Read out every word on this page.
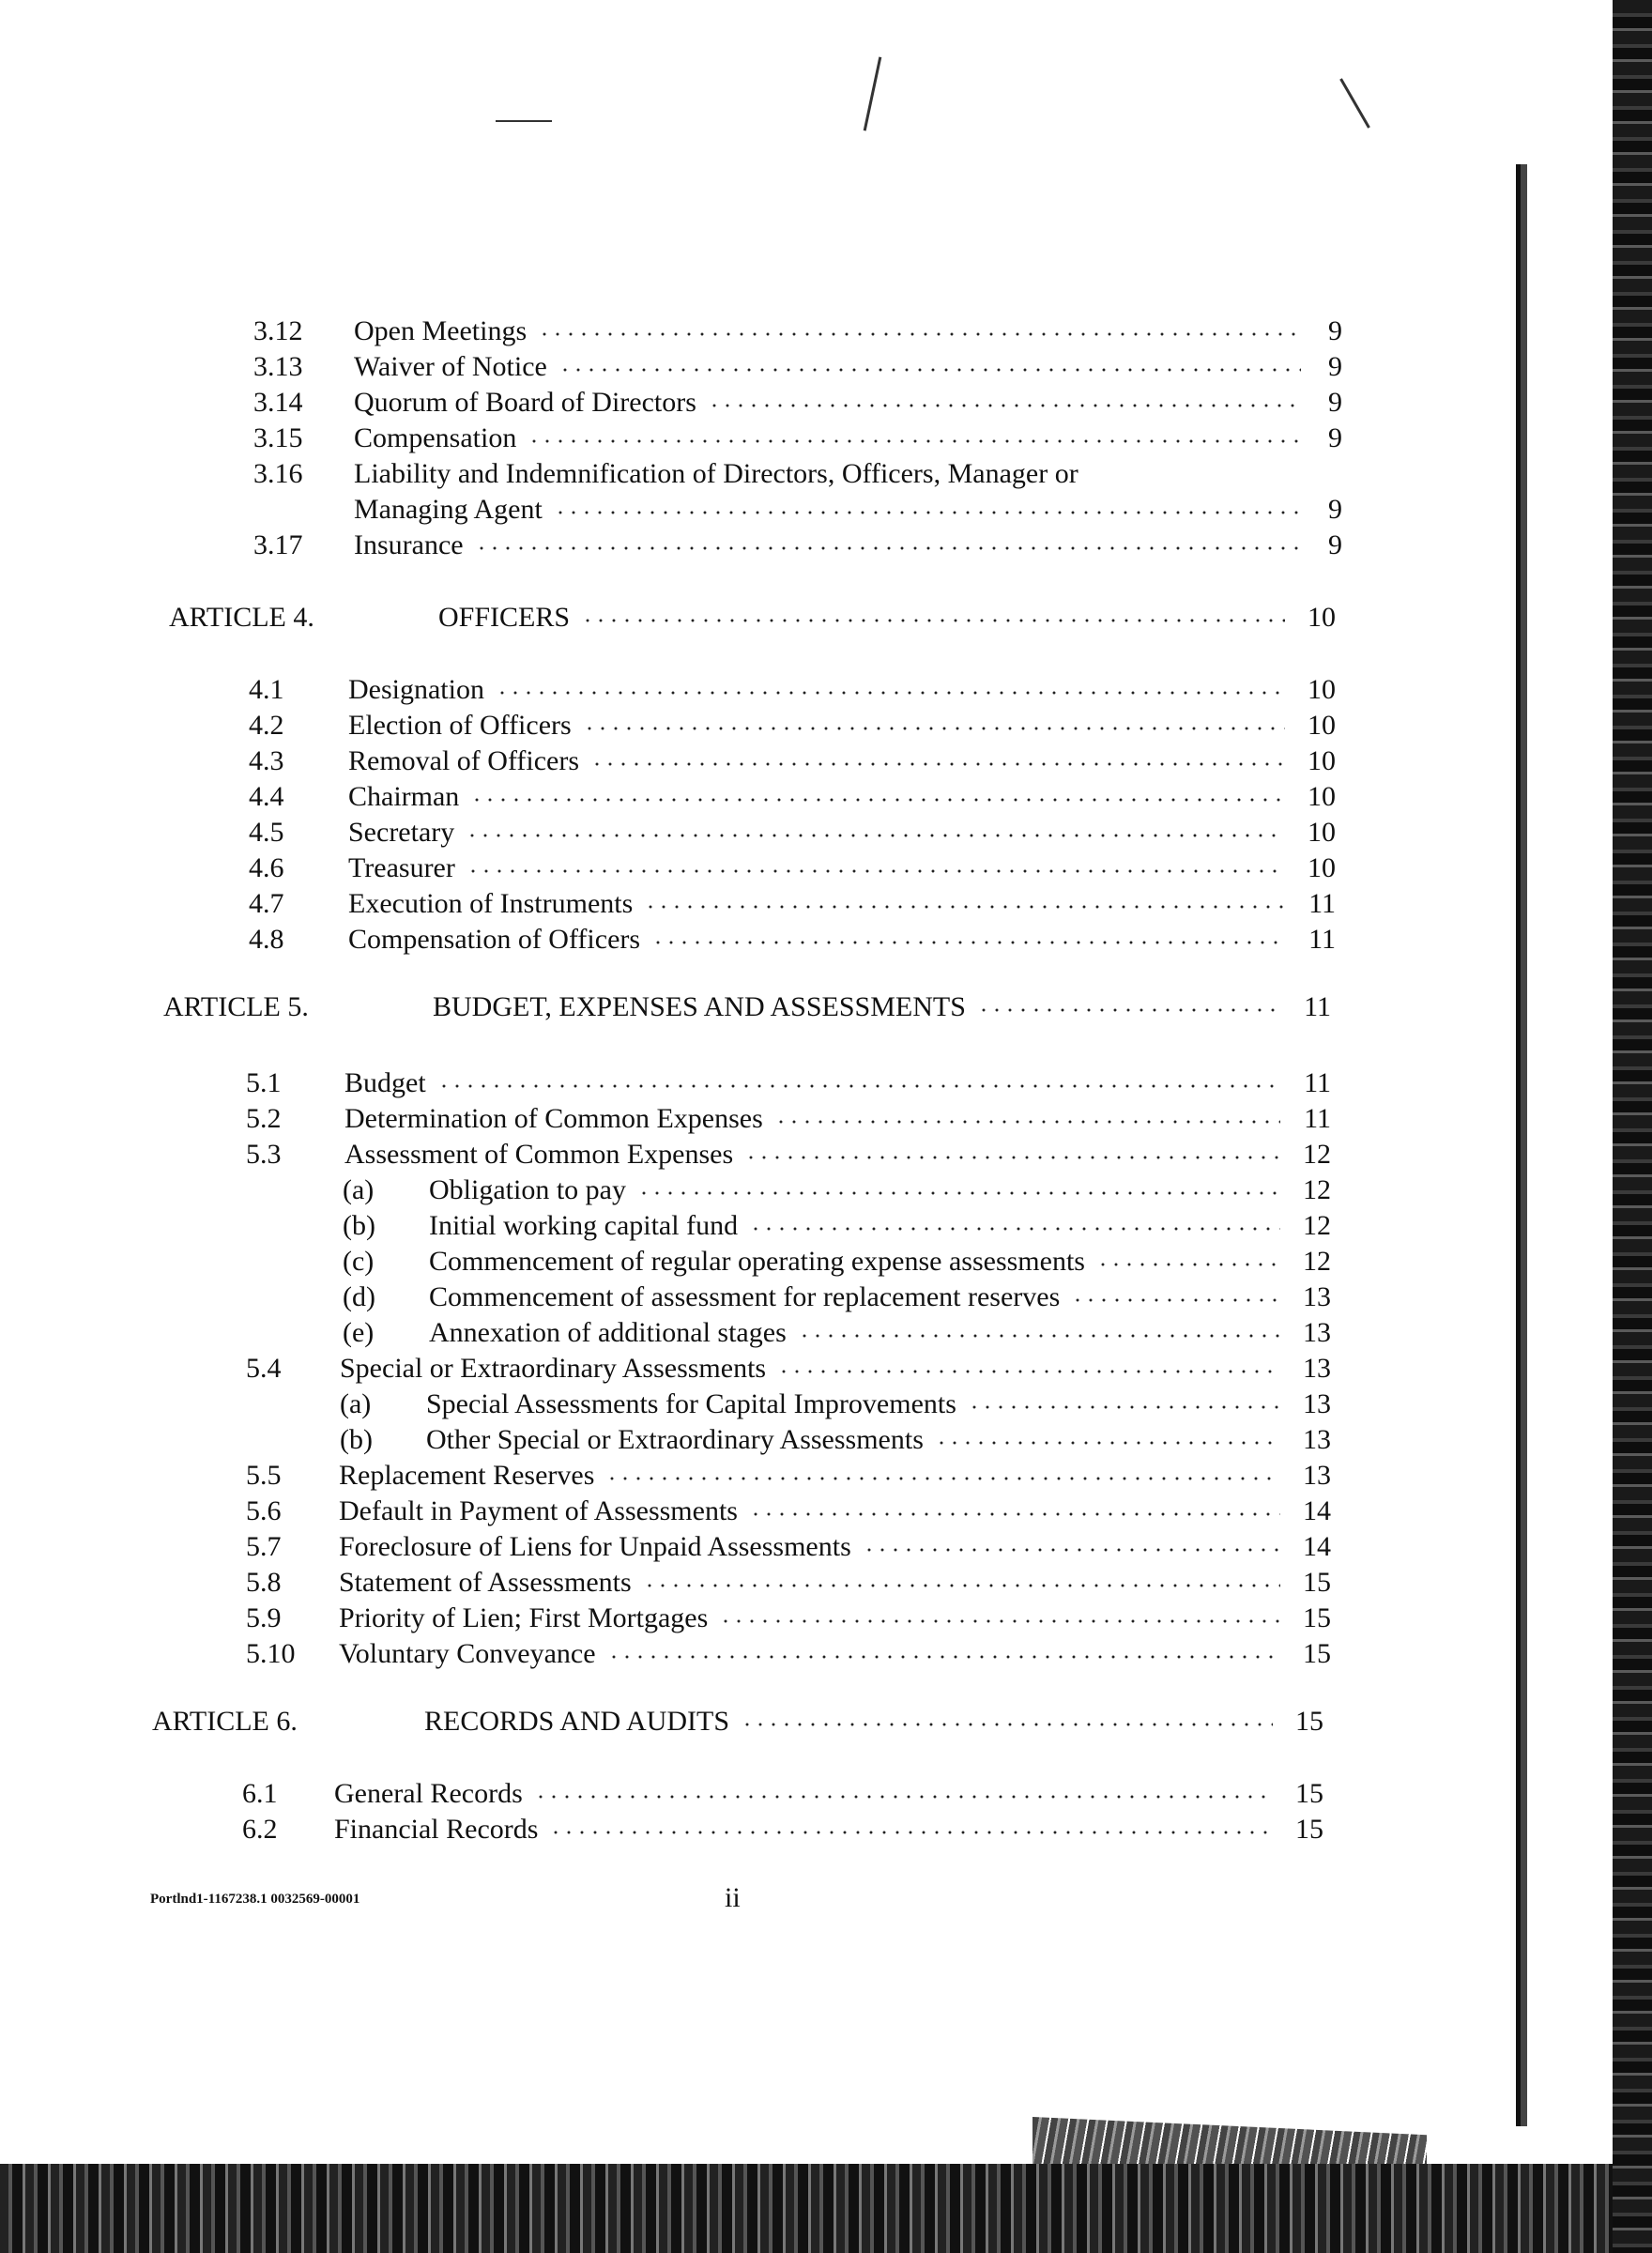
3.12	Open Meetings	9
3.13	Waiver of Notice	9
3.14	Quorum of Board of Directors	9
3.15	Compensation	9
3.16 Liability and Indemnification of Directors, Officers, Manager or
Managing Agent	9
3.17	Insurance	9
ARTICLE 4.	OFFICERS	10
4.1	Designation	10
4.2	Election of Officers	10
4.3	Removal of Officers	10
4.4	Chairman	10
4.5	Secretary	10
4.6	Treasurer	10
4.7	Execution of Instruments	11
4.8	Compensation of Officers	11
ARTICLE 5.	BUDGET, EXPENSES AND ASSESSMENTS	11
5.1	Budget	11
5.2	Determination of Common Expenses	11
5.3	Assessment of Common Expenses	12
(a)	Obligation to pay	12
(b)	Initial working capital fund	12
(c)	Commencement of regular operating expense assessments	12
(d)	Commencement of assessment for replacement reserves	13
(e)	Annexation of additional stages	13
5.4	Special or Extraordinary Assessments	13
(a)	Special Assessments for Capital Improvements	13
(b)	Other Special or Extraordinary Assessments	13
5.5	Replacement Reserves	13
5.6	Default in Payment of Assessments	14
5.7	Foreclosure of Liens for Unpaid Assessments	14
5.8	Statement of Assessments	15
5.9	Priority of Lien; First Mortgages	15
5.10	Voluntary Conveyance	15
ARTICLE 6.	RECORDS AND AUDITS	15
6.1	General Records	15
6.2	Financial Records	15
Portlnd1-1167238.1 0032569-00001	ii
